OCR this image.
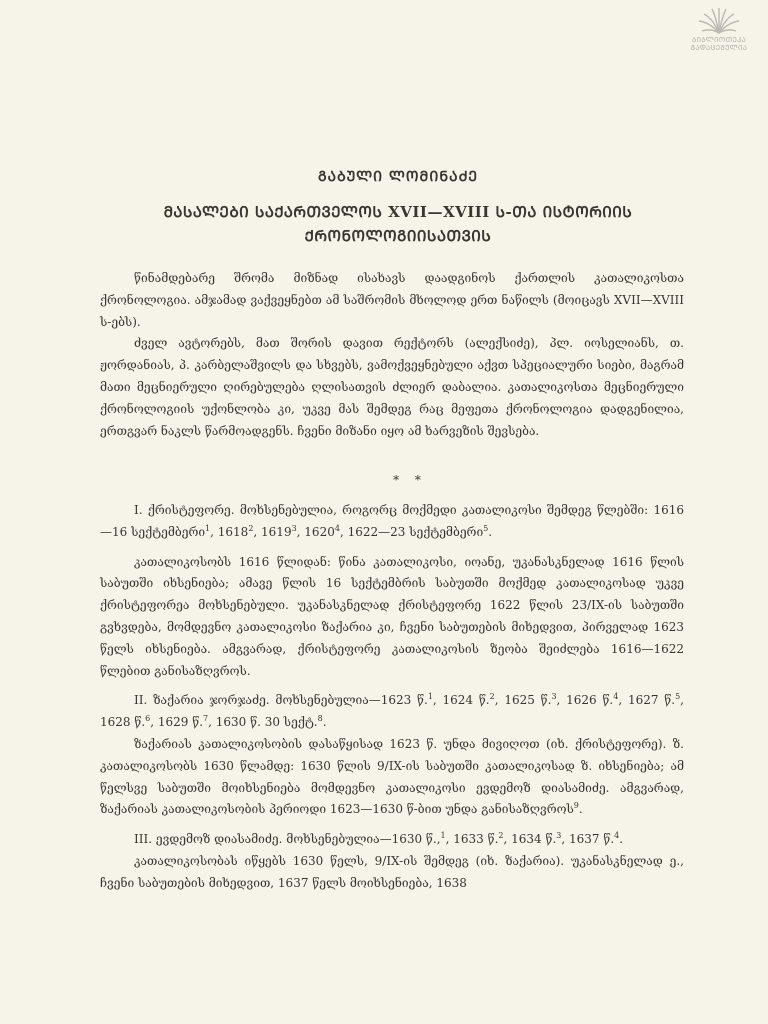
ᲑᲘᲑᲚᲘᲝᲗᲔᲙᲐ
ᲒᲐᲓᲐᲪᲔᲛᲣᲚᲘᲐ
ᲒᲐᲑᲣᲚᲘ ᲚᲝᲛᲘᲜᲐᲫᲔ
ᲛᲐᲡᲐᲚᲔᲑᲘ ᲡᲐᲥᲐᲠᲗᲕᲔᲚᲝᲡ XVII—XVIII Ს-ᲗᲐ ᲘᲡᲢᲝᲠᲘᲘᲡ
ᲥᲠᲝᲜᲝᲚᲝᲒᲘᲘᲡᲐᲗᲕᲘᲡ

წინამდებარე შრომა მიზნად ისახავს დაადგინოს ქართლის კათალიკოსთა ქრონოლოგია. ამჯამად ვაქვეყნებთ ამ საშრომის მხოლოდ ერთ ნაწილს (მოიცავს XVII—XVIII ს-ებს).

ძველ ავტორებს, მათ შორის დავით რექტორს (ალექსიძე), პლ. იოსელიანს, თ. ჟორდანიას, პ. კარბელაშვილს და სხვებს, ვამოქვეყნებული აქვთ სპეციალური სიები, მაგრამ მათი მეცნიერული ღირებულება ღლისათვის ძლიერ დაბალია. კათალიკოსთა მეცნიერული ქრონოლოგიის უქონლობა კი, უკვე მას შემდეგ რაც მეფეთა ქრონოლოგია დადგენილია, ერთგვარ ნაკლს წარმოადგენს. ჩვენი მიზანი იყო ამ ხარვეზის შევსება.

* *

I. ქრისტეფორე. მოხსენებულია, როგორც მოქმედი კათალიკოსი შემდეგ წლებში: 1616—16 სექტემბერი$^1$, 1618$^2$, 1619$^3$, 1620$^4$, 1622—23 სექტემბერი$^5$.

კათალიკოსობს 1616 წლიდან: წინა კათალიკოსი, იოანე, უკანასკნელად 1616 წლის საბუთში იხსენიება; ამავე წლის 16 სექტემბრის საბუთში მოქმედ კათალიკოსად უკვე ქრისტეფორეა მოხსენებული. უკანასკნელად ქრისტეფორე 1622 წლის 23/IX-ის საბუთში გვხვდება, მომდევნო კათალიკოსი ზაქარია კი, ჩვენი საბუთების მიხედვით, პირველად 1623 წელს იხსენიება. ამგვარად, ქრისტეფორე კათალიკოსის ზეობა შეიძლება 1616—1622 წლებით განისაზღვროს.

II. ზაქარია ჯორჯაძე. მოხსენებულია—1623 წ.$^1$, 1624 წ.$^2$, 1625 წ.$^3$, 1626 წ.$^4$, 1627 წ.$^5$, 1628 წ.$^6$, 1629 წ.$^7$, 1630 წ. 30 სექტ.$^8$.

ზაქარიას კათალიკოსობის დასაწყისად 1623 წ. უნდა მივიღოთ (იხ. ქრისტეფორე). ზ. კათალიკოსობს 1630 წლამდე: 1630 წლის 9/IX-ის საბუთში კათალიკოსად ზ. იხსენიება; ამ წელსვე საბუთში მოიხსენიება მომდევნო კათალიკოსი ევდემოზ დიასამიძე. ამგვარად, ზაქარიას კათალიკოსობის პერიოდი 1623—1630 წ-ბით უნდა განისაზღვროს$^9$.

III. ევდემოზ დიასამიძე. მოხსენებულია—1630 წ.,$^1$, 1633 წ.$^2$, 1634 წ.$^3$, 1637 წ.$^4$.

კათალიკოსობას იწყებს 1630 წელს, 9/IX-ის შემდეგ (იხ. ზაქარია). უკანასკნელად ე., ჩვენი საბუთების მიხედვით, 1637 წელს მოიხსენიება, 1638
